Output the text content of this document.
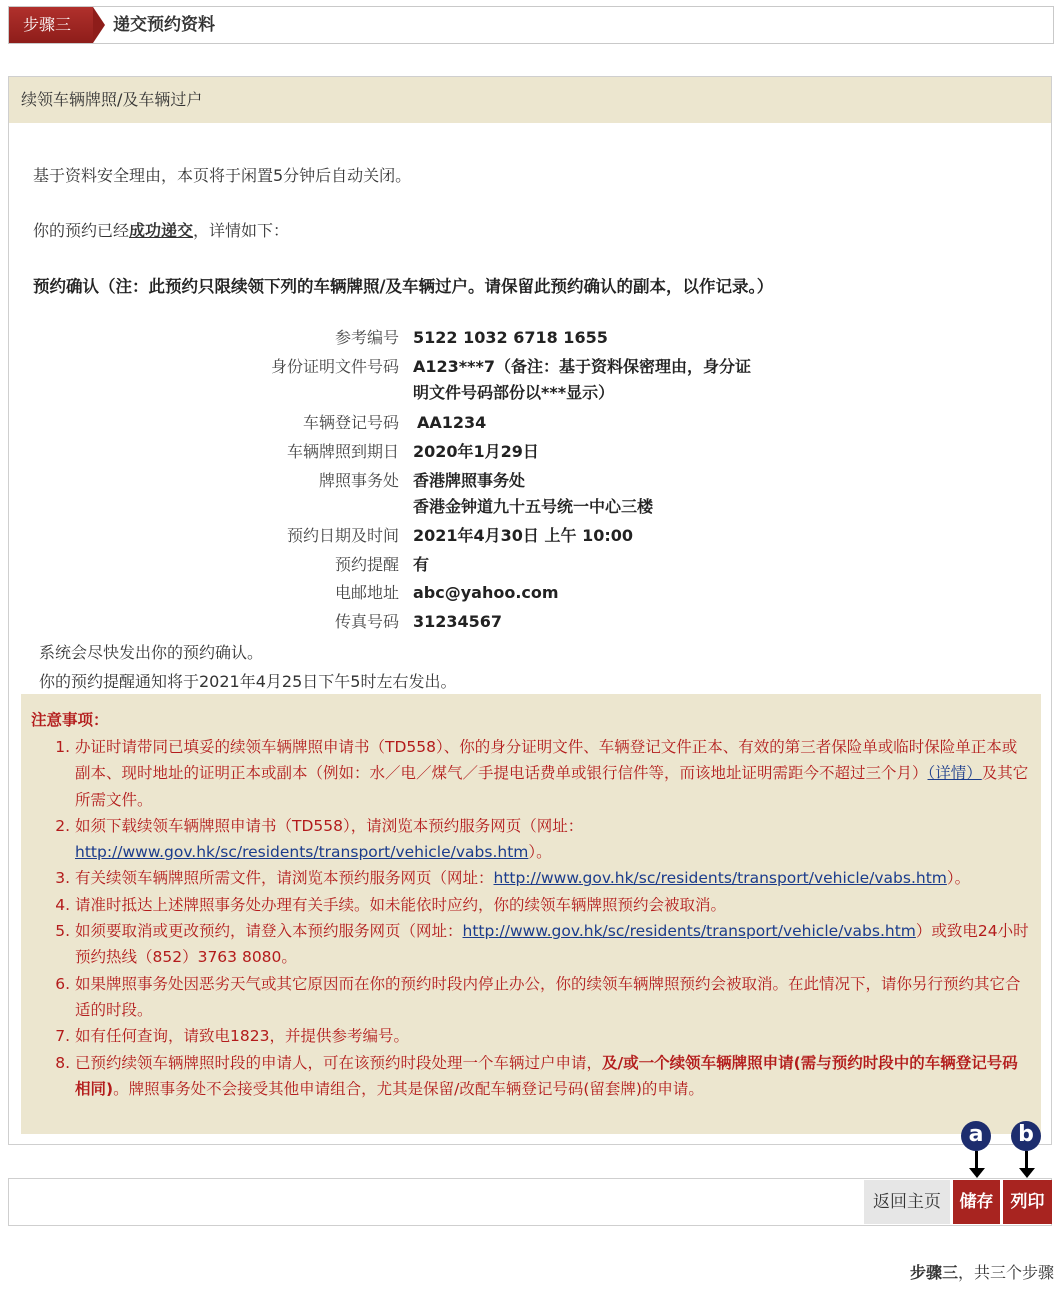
步骤三	递交预约资料
续领车辆牌照/及车辆过户
基于资料安全理由，本页将于闲置5分钟后自动关闭。
你的预约已经成功递交，详情如下：
预约确认（注：此预约只限续领下列的车辆牌照/及车辆过户。请保留此预约确认的副本，以作记录。）
参考编号 5122 1032 6718 1655
身份证明文件号码 A123***7（备注：基于资料保密理由，身分证明文件号码部份以***显示）
车辆登记号码 AA1234
车辆牌照到期日 2020年1月29日
牌照事务处 香港牌照事务处
香港金钟道九十五号统一中心三楼
预约日期及时间 2021年4月30日 上午 10:00
预约提醒 有
电邮地址 abc@yahoo.com
传真号码 31234567
系统会尽快发出你的预约确认。
你的预约提醒通知将于2021年4月25日下午5时左右发出。
注意事项：
1. 办证时请带同已填妥的续领车辆牌照申请书（TD558）、你的身分证明文件、车辆登记文件正本、有效的第三者保险单或临时保险单正本或副本、现时地址的证明正本或副本（例如：水／电／煤气／手提电话费单或银行信件等，而该地址证明需距今不超过三个月）（详情）及其它所需文件。
2. 如须下载续领车辆牌照申请书（TD558），请浏览本预约服务网页（网址：http://www.gov.hk/sc/residents/transport/vehicle/vabs.htm）。
3. 有关续领车辆牌照所需文件，请浏览本预约服务网页（网址：http://www.gov.hk/sc/residents/transport/vehicle/vabs.htm）。
4. 请准时抵达上述牌照事务处办理有关手续。如未能依时应约，你的续领车辆牌照预约会被取消。
5. 如须要取消或更改预约，请登入本预约服务网页（网址：http://www.gov.hk/sc/residents/transport/vehicle/vabs.htm）或致电24小时预约热线（852）3763 8080。
6. 如果牌照事务处因恶劣天气或其它原因而在你的预约时段内停止办公，你的续领车辆牌照预约会被取消。在此情况下，请你另行预约其它合适的时段。
7. 如有任何查询，请致电1823，并提供参考编号。
8. 已预约续领车辆牌照时段的申请人，可在该预约时段处理一个车辆过户申请，及/或一个续领车辆牌照申请(需与预约时段中的车辆登记号码相同)。牌照事务处不会接受其他申请组合，尤其是保留/改配车辆登记号码(留套牌)的申请。
a	b
返回主页	储存	列印
步骤三，共三个步骤
